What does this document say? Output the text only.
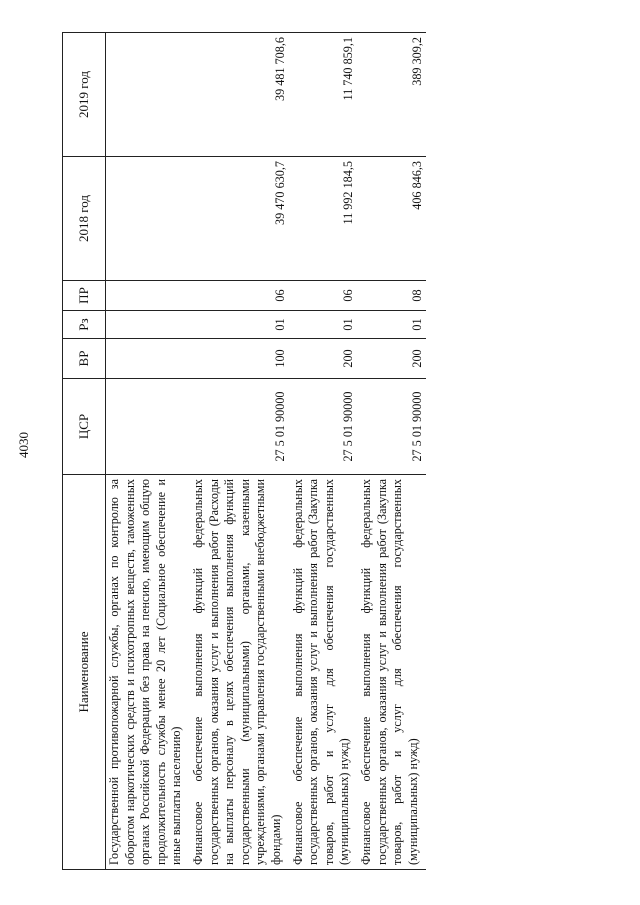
4030
Наименование	ЦСР	ВР	Рз	ПР	2018 год	2019 год
Государственной противопожарной службы, органах по контролю за оборотом наркотических средств и психотропных веществ, таможенных органах Российской Федерации без права на пенсию, имеющим общую продолжительность службы менее 20 лет (Социальное обеспечение и иные выплаты населению)						
Финансовое обеспечение выполнения функций федеральных государственных органов, оказания услуг и выполнения работ (Расходы на выплаты персоналу в целях обеспечения выполнения функций государственными (муниципальными) органами, казенными учреждениями, органами управления государственными внебюджетными фондами)	27 5 01 90000	100	01	06	39 470 630,7	39 481 708,6
Финансовое обеспечение выполнения функций федеральных государственных органов, оказания услуг и выполнения работ (Закупка товаров, работ и услуг для обеспечения государственных (муниципальных) нужд)	27 5 01 90000	200	01	06	11 992 184,5	11 740 859,1
Финансовое обеспечение выполнения функций федеральных государственных органов, оказания услуг и выполнения работ (Закупка товаров, работ и услуг для обеспечения государственных (муниципальных) нужд)	27 5 01 90000	200	01	08	406 846,3	389 309,2
